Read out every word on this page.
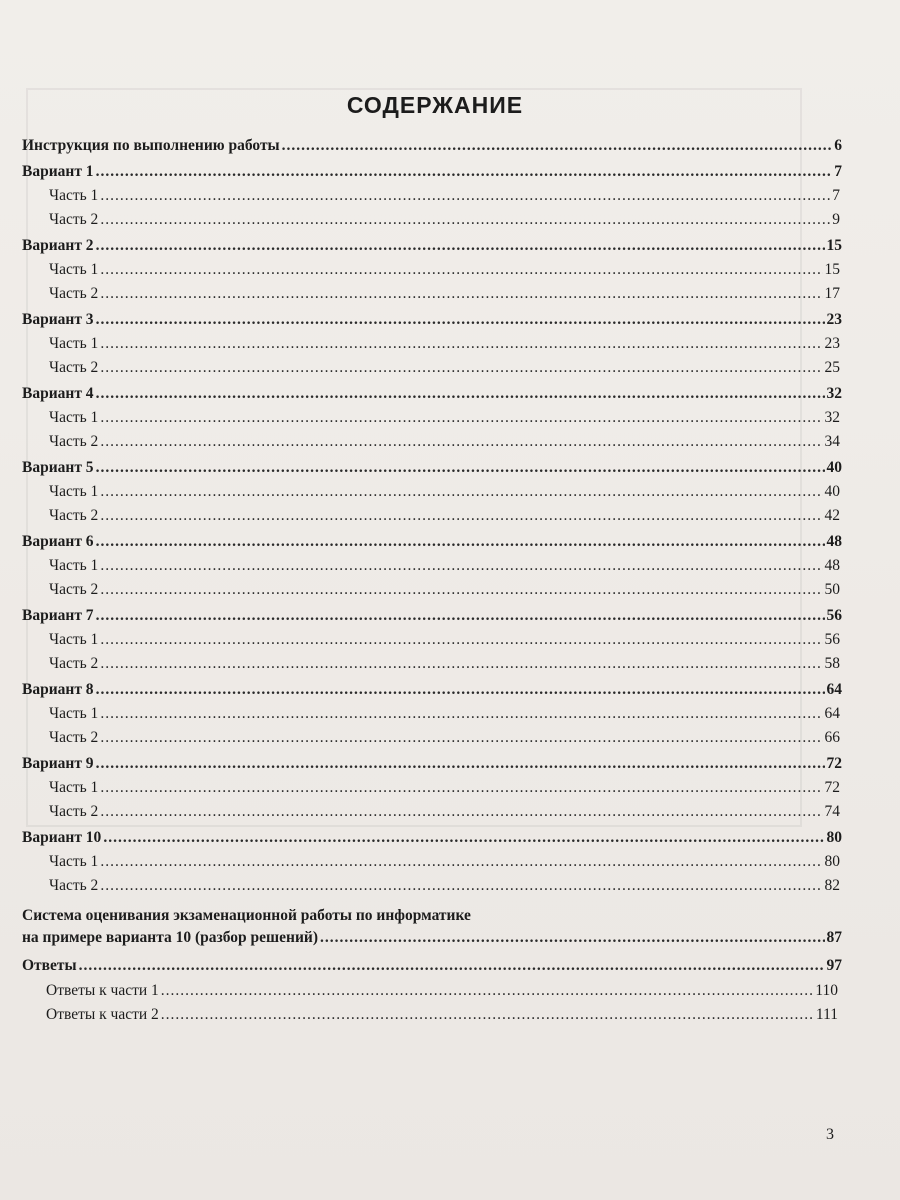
СОДЕРЖАНИЕ
Инструкция по выполнению работы .....	6
Вариант 1 .....	7
Часть 1 .....	7
Часть 2 .....	9
Вариант 2 .....	15
Часть 1 .....	15
Часть 2 .....	17
Вариант 3 .....	23
Часть 1 .....	23
Часть 2 .....	25
Вариант 4 .....	32
Часть 1 .....	32
Часть 2 .....	34
Вариант 5 .....	40
Часть 1 .....	40
Часть 2 .....	42
Вариант 6 .....	48
Часть 1 .....	48
Часть 2 .....	50
Вариант 7 .....	56
Часть 1 .....	56
Часть 2 .....	58
Вариант 8 .....	64
Часть 1 .....	64
Часть 2 .....	66
Вариант 9 .....	72
Часть 1 .....	72
Часть 2 .....	74
Вариант 10 .....	80
Часть 1 .....	80
Часть 2 .....	82
Система оценивания экзаменационной работы по информатике
на примере варианта 10 (разбор решений) .....	87
Ответы .....	97
Ответы к части 1 .....	110
Ответы к части 2 .....	111
3
